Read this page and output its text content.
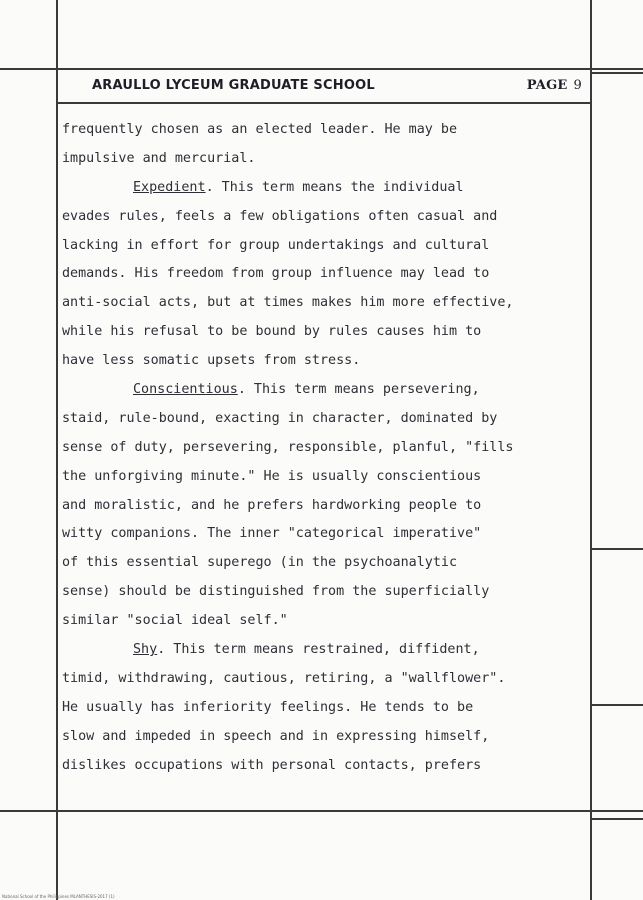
ARAULLO LYCEUM GRADUATE SCHOOL	PAGE 9
frequently chosen as an elected leader. He may be
impulsive and mercurial.
Expedient. This term means the individual
evades rules, feels a few obligations often casual and
lacking in effort for group undertakings and cultural
demands. His freedom from group influence may lead to
anti-social acts, but at times makes him more effective,
while his refusal to be bound by rules causes him to
have less somatic upsets from stress.
Conscientious. This term means persevering,
staid, rule-bound, exacting in character, dominated by
sense of duty, persevering, responsible, planful, "fills
the unforgiving minute." He is usually conscientious
and moralistic, and he prefers hardworking people to
witty companions. The inner "categorical imperative"
of this essential superego (in the psychoanalytic
sense) should be distinguished from the superficially
similar "social ideal self."
Shy. This term means restrained, diffident,
timid, withdrawing, cautious, retiring, a "wallflower".
He usually has inferiority feelings. He tends to be
slow and impeded in speech and in expressing himself,
dislikes occupations with personal contacts, prefers
National School of the Philippines MLANTHESIS-2017 (1)
